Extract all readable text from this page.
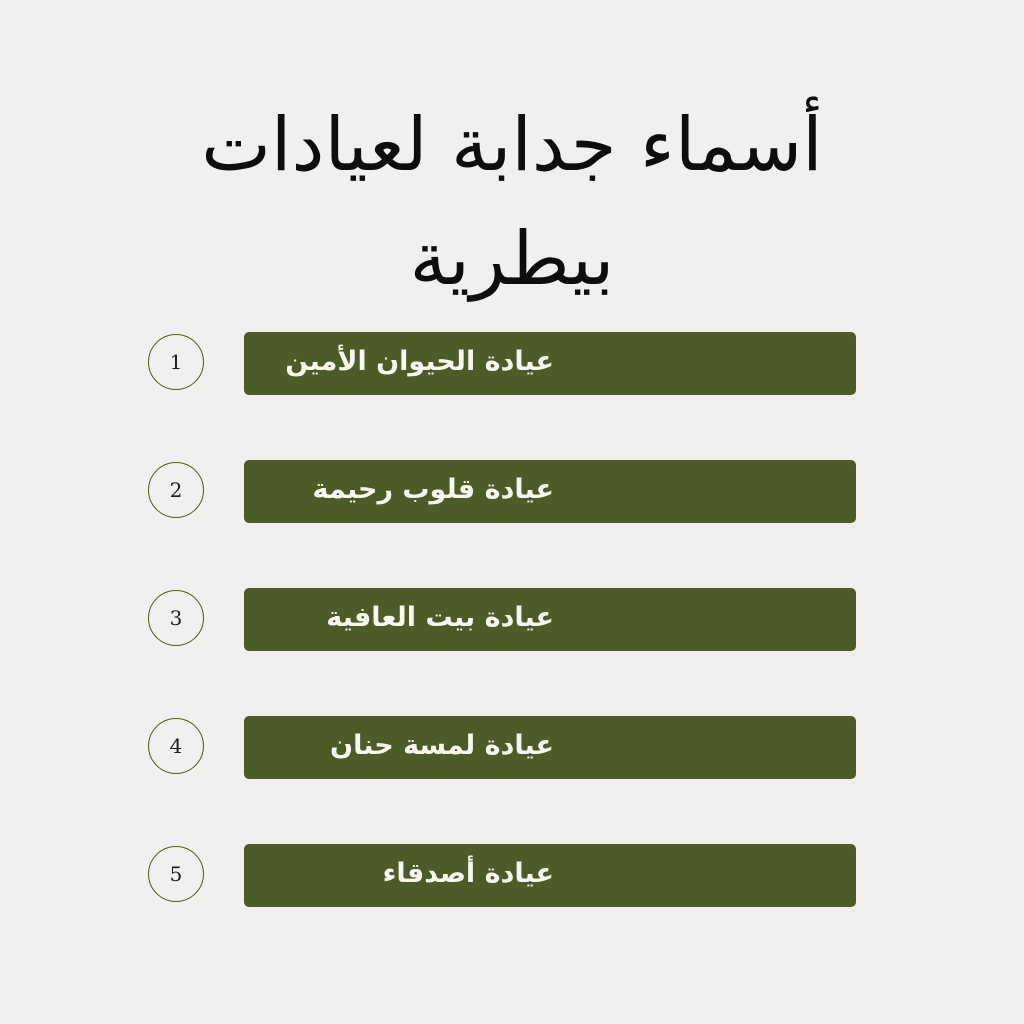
أسماء جدابة لعيادات بيطرية
1	عيادة الحيوان الأمين
2	عيادة قلوب رحيمة
3	عيادة بيت العافية
4	عيادة لمسة حنان
5	عيادة أصدقاء
